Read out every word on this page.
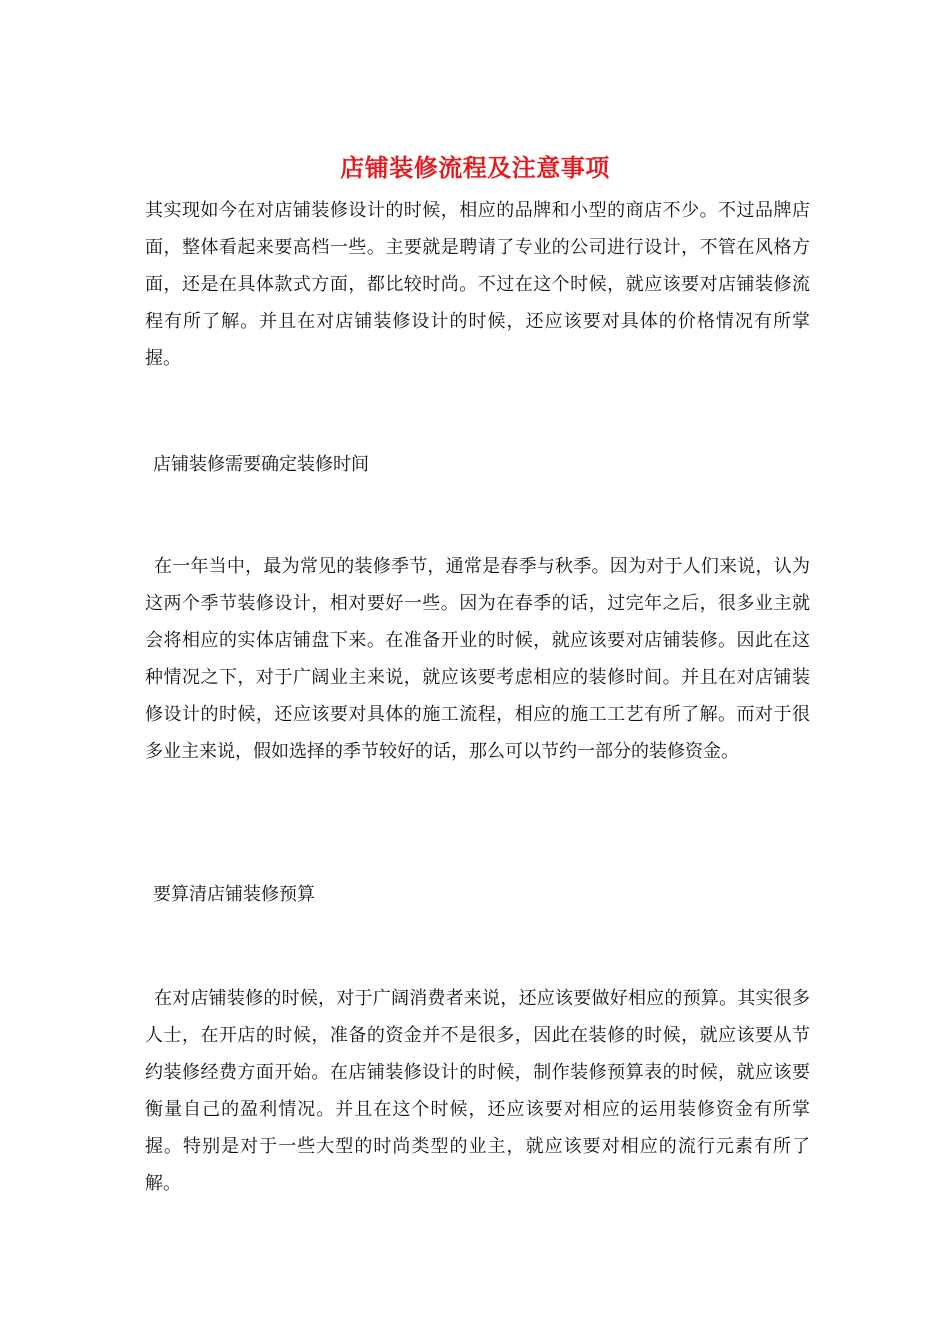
店铺装修流程及注意事项

其实现如今在对店铺装修设计的时候，相应的品牌和小型的商店不少。不过品牌店面，整体看起来要高档一些。主要就是聘请了专业的公司进行设计，不管在风格方面，还是在具体款式方面，都比较时尚。不过在这个时候，就应该要对店铺装修流程有所了解。并且在对店铺装修设计的时候，还应该要对具体的价格情况有所掌握。

店铺装修需要确定装修时间

在一年当中，最为常见的装修季节，通常是春季与秋季。因为对于人们来说，认为这两个季节装修设计，相对要好一些。因为在春季的话，过完年之后，很多业主就会将相应的实体店铺盘下来。在准备开业的时候，就应该要对店铺装修。因此在这种情况之下，对于广阔业主来说，就应该要考虑相应的装修时间。并且在对店铺装修设计的时候，还应该要对具体的施工流程，相应的施工工艺有所了解。而对于很多业主来说，假如选择的季节较好的话，那么可以节约一部分的装修资金。

要算清店铺装修预算

在对店铺装修的时候，对于广阔消费者来说，还应该要做好相应的预算。其实很多人士，在开店的时候，准备的资金并不是很多，因此在装修的时候，就应该要从节约装修经费方面开始。在店铺装修设计的时候，制作装修预算表的时候，就应该要衡量自己的盈利情况。并且在这个时候，还应该要对相应的运用装修资金有所掌握。特别是对于一些大型的时尚类型的业主，就应该要对相应的流行元素有所了解。
